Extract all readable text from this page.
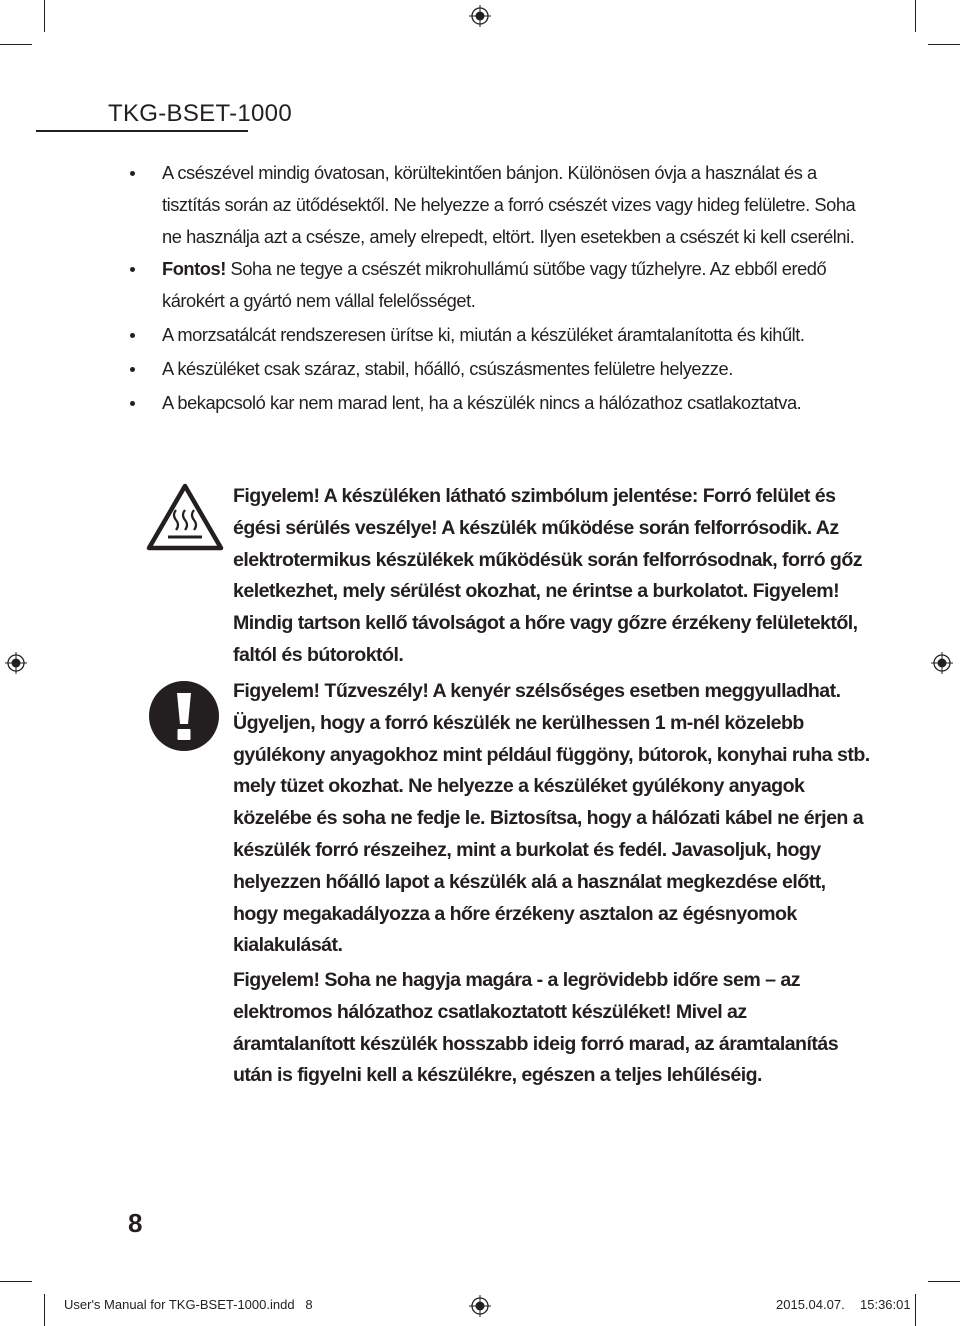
TKG-BSET-1000
A csészével mindig óvatosan, körültekintően bánjon. Különösen óvja a használat és a tisztítás során az ütődésektől. Ne helyezze a forró csészét vizes vagy hideg felületre. Soha ne használja azt a csésze, amely elrepedt, eltört. Ilyen esetekben a csészét ki kell cserélni.
Fontos! Soha ne tegye a csészét mikrohullámú sütőbe vagy tűzhelyre. Az ebből eredő károkért a gyártó nem vállal felelősséget.
A morzsatálcát rendszeresen ürítse ki, miután a készüléket áramtalanította és kihűlt.
A készüléket csak száraz, stabil, hőálló, csúszásmentes felületre helyezze.
A bekapcsoló kar nem marad lent, ha a készülék nincs a hálózathoz csatlakoztatva.
Figyelem! A készüléken látható szimbólum jelentése: Forró felület és égési sérülés veszélye! A készülék működése során felforrósodik. Az elektrotermikus készülékek működésük során felforrósodnak, forró gőz keletkezhet, mely sérülést okozhat, ne érintse a burkolatot. Figyelem! Mindig tartson kellő távolságot a hőre vagy gőzre érzékeny felületektől, faltól és bútoroktól.
Figyelem! Tűzveszély! A kenyér szélsőséges esetben meggyulladhat. Ügyeljen, hogy a forró készülék ne kerülhessen 1 m-nél közelebb gyúlékony anyagokhoz mint például függöny, bútorok, konyhai ruha stb. mely tüzet okozhat. Ne helyezze a készüléket gyúlékony anyagok közelébe és soha ne fedje le. Biztosítsa, hogy a hálózati kábel ne érjen a készülék forró részeihez, mint a burkolat és fedél. Javasoljuk, hogy helyezzen hőálló lapot a készülék alá a használat megkezdése előtt, hogy megakadályozza a hőre érzékeny asztalon az égésnyomok kialakulását.
Figyelem! Soha ne hagyja magára - a legrövidebb időre sem – az elektromos hálózathoz csatlakoztatott készüléket! Mivel az áramtalanított készülék hosszabb ideig forró marad, az áramtalanítás után is figyelni kell a készülékre, egészen a teljes lehűléséig.
8
User's Manual for TKG-BSET-1000.indd   8	2015.04.07. 15:36:01
